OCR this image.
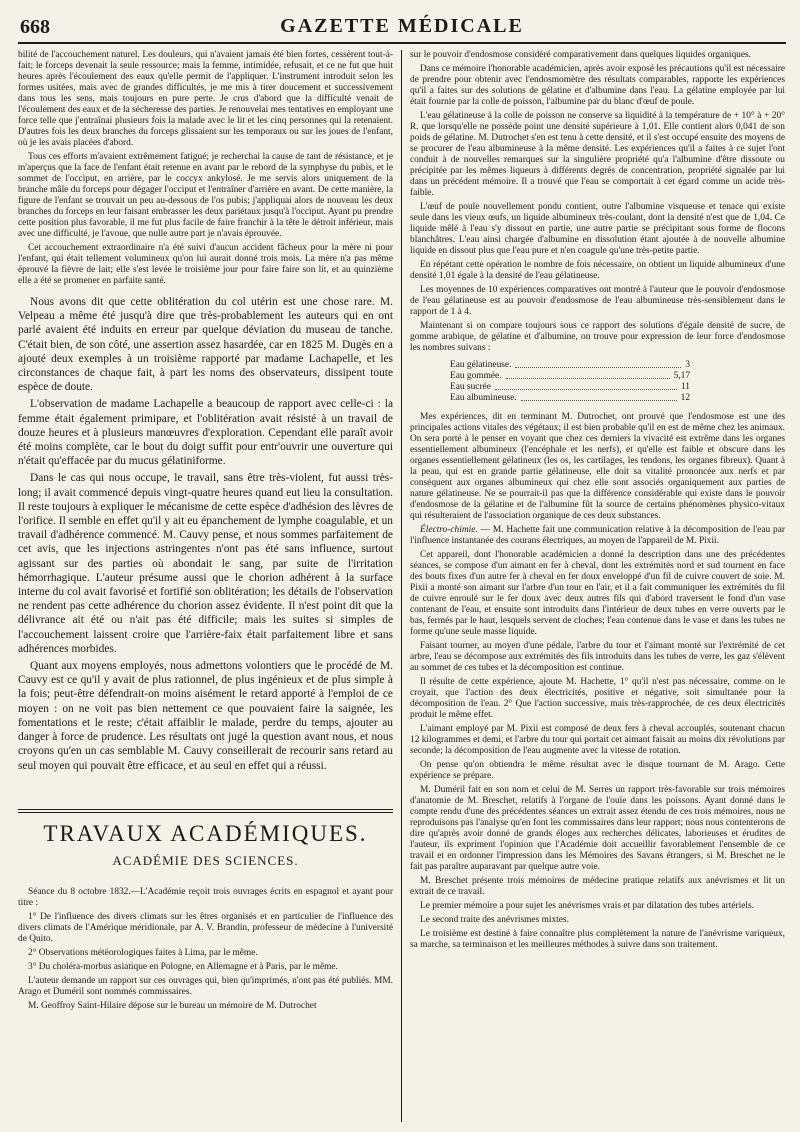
668	GAZETTE MÉDICALE

bilité de l'accouchement naturel. Les douleurs, qui n'avaient jamais été bien fortes, cessèrent tout-à-fait; le forceps devenait la seule ressource; mais la femme, intimidée, refusait, et ce ne fut que huit heures après l'écoulement des eaux qu'elle permit de l'appliquer. L'instrument introduit selon les formes usitées, mais avec de grandes difficultés, je me mis à tirer doucement et successivement dans tous les sens, mais toujours en pure perte. Je crus d'abord que la difficulté venait de l'écoulement des eaux et de la sécheresse des parties. Je renouvelai mes tentatives en employant une force telle que j'entraînai plusieurs fois la malade avec le lit et les cinq personnes qui la retenaient. D'autres fois les deux branches du forceps glissaient sur les temporaux ou sur les joues de l'enfant, où je les avais placées d'abord.

Tous ces efforts m'avaient extrêmement fatigué; je recherchai la cause de tant de résistance, et je m'aperçus que la face de l'enfant était retenue en avant par le rebord de la symphyse du pubis, et le sommet de l'occiput, en arrière, par le coccyx ankylosé. Je me servis alors uniquement de la branche mâle du forceps pour dégager l'occiput et l'entraîner d'arrière en avant. De cette manière, la figure de l'enfant se trouvait un peu au-dessous de l'os pubis; j'appliquai alors de nouveau les deux branches du forceps en leur faisant embrasser les deux pariétaux jusqu'à l'occiput. Ayant pu prendre cette position plus favorable, il me fut plus facile de faire franchir à la tête le détroit inférieur, mais avec une difficulté, je l'avoue, que nulle autre part je n'avais éprouvée.

Cet accouchement extraordinaire n'a été suivi d'aucun accident fâcheux pour la mère ni pour l'enfant, qui était tellement volumineux qu'on lui aurait donné trois mois. La mère n'a pas même éprouvé la fièvre de lait; elle s'est levée le troisième jour pour faire faire son lit, et au quinzième elle a été se promener en parfaite santé.

Nous avons dit que cette oblitération du col utérin est une chose rare. M. Velpeau a même été jusqu'à dire que très-probablement les auteurs qui en ont parlé avaient été induits en erreur par quelque déviation du museau de tanche. C'était bien, de son côté, une assertion assez hasardée, car en 1825 M. Dugès en a ajouté deux exemples à un troisième rapporté par madame Lachapelle, et les circonstances de chaque fait, à part les noms des observateurs, dissipent toute espèce de doute.

L'observation de madame Lachapelle a beaucoup de rapport avec celle-ci : la femme était également primipare, et l'oblitération avait résisté à un travail de douze heures et à plusieurs manœuvres d'exploration. Cependant elle paraît avoir été moins complète, car le bout du doigt suffit pour entr'ouvrir une ouverture qui n'était qu'effacée par du mucus gélatiniforme.

Dans le cas qui nous occupe, le travail, sans être très-violent, fut aussi très-long; il avait commencé depuis vingt-quatre heures quand eut lieu la consultation. Il reste toujours à expliquer le mécanisme de cette espèce d'adhésion des lèvres de l'orifice. Il semble en effet qu'il y ait eu épanchement de lymphe coagulable, et un travail d'adhérence commencé. M. Cauvy pense, et nous sommes parfaitement de cet avis, que les injections astringentes n'ont pas été sans influence, surtout agissant sur des parties où abondait le sang, par suite de l'irritation hémorrhagique. L'auteur présume aussi que le chorion adhérent à la surface interne du col avait favorisé et fortifié son oblitération; les détails de l'observation ne rendent pas cette adhérence du chorion assez évidente. Il n'est point dit que la délivrance ait été ou n'ait pas été difficile; mais les suites si simples de l'accouchement laissent croire que l'arrière-faix était parfaitement libre et sans adhérences morbides.

Quant aux moyens employés, nous admettons volontiers que le procédé de M. Cauvy est ce qu'il y avait de plus rationnel, de plus ingénieux et de plus simple à la fois; peut-être défendrait-on moins aisément le retard apporté à l'emploi de ce moyen : on ne voit pas bien nettement ce que pouvaient faire la saignée, les fomentations et le reste; c'était affaiblir le malade, perdre du temps, ajouter au danger à force de prudence. Les résultats ont jugé la question avant nous, et nous croyons qu'en un cas semblable M. Cauvy conseillerait de recourir sans retard au seul moyen qui pouvait être efficace, et au seul en effet qui a réussi.

TRAVAUX ACADÉMIQUES.
ACADÉMIE DES SCIENCES.

Séance du 8 octobre 1832.—L'Académie reçoit trois ouvrages écrits en espagnol et ayant pour titre :

1° De l'influence des divers climats sur les êtres organisés et en particulier de l'influence des divers climats de l'Amérique méridionale, par A. V. Brandin, professeur de médecine à l'université de Quito.

2° Observations météorologiques faites à Lima, par le même.

3° Du choléra-morbus asiatique en Pologne, en Allemagne et à Paris, par le même.

L'auteur demande un rapport sur ces ouvrages qui, bien qu'imprimés, n'ont pas été publiés. MM. Arago et Duméril sont nommés commissaires.

M. Geoffroy Saint-Hilaire dépose sur le bureau un mémoire de M. Dutrochet

sur le pouvoir d'endosmose considéré comparativement dans quelques liquides organiques.

Dans ce mémoire l'honorable académicien, après avoir exposé les précautions qu'il est nécessaire de prendre pour obtenir avec l'endosmomètre des résultats comparables, rapporte les expériences qu'il a faites sur des solutions de gélatine et d'albumine dans l'eau. La gélatine employée par lui était fournie par la colle de poisson, l'albumine par du blanc d'œuf de poule.

L'eau gélatineuse à la colle de poisson ne conserve sa liquidité à la température de + 10° à + 20° R. que lorsqu'elle ne possède point une densité supérieure à 1,01. Elle contient alors 0,041 de son poids de gélatine. M. Dutrochet s'en est tenu à cette densité, et il s'est occupé ensuite des moyens de se procurer de l'eau albumineuse à la même densité. Les expériences qu'il a faites à ce sujet l'ont conduit à de nouvelles remarques sur la singulière propriété qu'a l'albumine d'être dissoute ou précipitée par les mêmes liqueurs à différents degrés de concentration, propriété signalée par lui dans un précédent mémoire. Il a trouvé que l'eau se comportait à cet égard comme un acide très-faible.

L'œuf de poule nouvellement pondu contient, outre l'albumine visqueuse et tenace qui existe seule dans les vieux œufs, un liquide albumineux très-coulant, dont la densité n'est que de 1,04. Ce liquide mêlé à l'eau s'y dissout en partie, une autre partie se précipitant sous forme de flocons blanchâtres. L'eau ainsi chargée d'albumine en dissolution étant ajoutée à de nouvelle albumine liquide en dissout plus que l'eau pure et n'en coagule qu'une très-petite partie.

En répétant cette opération le nombre de fois nécessaire, on obtient un liquide albumineux d'une densité 1,01 égale à la densité de l'eau gélatineuse.

Les moyennes de 10 expériences comparatives ont montré à l'auteur que le pouvoir d'endosmose de l'eau gélatineuse est au pouvoir d'endosmose de l'eau albumineuse très-sensiblement dans le rapport de 1 à 4.

Maintenant si on compare toujours sous ce rapport des solutions d'égale densité de sucre, de gomme arabique, de gélatine et d'albumine, on trouve pour expression de leur force d'endosmose les nombres suivans :

Eau gélatineuse.	3
Eau gommée.	5,17
Eau sucrée	11
Eau albumineuse.	12

Mes expériences, dit en terminant M. Dutrochet, ont prouvé que l'endosmose est une des principales actions vitales des végétaux; il est bien probable qu'il en est de même chez les animaux. On sera porté à le penser en voyant que chez ces derniers la vivacité est extrême dans les organes essentiellement albumineux (l'encéphale et les nerfs), et qu'elle est faible et obscure dans les organes essentiellement gélatineux (les os, les cartilages, les tendons, les organes fibreux). Quant à la peau, qui est en grande partie gélatineuse, elle doit sa vitalité prononcée aux nerfs et par conséquent aux organes albumineux qui chez elle sont associés organiquement aux parties de nature gélatineuse. Ne se pourrait-il pas que la différence considérable qui existe dans le pouvoir d'endosmose de la gélatine et de l'albumine fût la source de certains phénomènes physico-vitaux qui résulteraient de l'association organique de ces deux substances.

Électro-chimie. — M. Hachette fait une communication relative à la décomposition de l'eau par l'influence instantanée des courans électriques, au moyen de l'appareil de M. Pixii.

Cet appareil, dont l'honorable académicien a donné la description dans une des précédentes séances, se compose d'un aimant en fer à cheval, dont les extrémités nord et sud tournent en face des bouts fixes d'un autre fer à cheval en fer doux enveloppé d'un fil de cuivre couvert de soie. M. Pixii a monté son aimant sur l'arbre d'un tour en l'air, et il a fait communiquer les extrémités du fil de cuivre enroulé sur le fer doux avec deux autres fils qui d'abord traversent le fond d'un vase contenant de l'eau, et ensuite sont introduits dans l'intérieur de deux tubes en verre ouverts par le bas, fermés par le haut, lesquels servent de cloches; l'eau contenue dans le vase et dans les tubes ne forme qu'une seule masse liquide.

Faisant tourner, au moyen d'une pédale, l'arbre du tour et l'aimant monté sur l'extrémité de cet arbre, l'eau se décompose aux extrémités des fils introduits dans les tubes de verre, les gaz s'élèvent au sommet de ces tubes et la décomposition est continue.

Il résulte de cette expérience, ajoute M. Hachette, 1° qu'il n'est pas nécessaire, comme on le croyait, que l'action des deux électricités, positive et négative, soit simultanée pour la décomposition de l'eau. 2° Que l'action successive, mais très-rapprochée, de ces deux électricités produit le même effet.

L'aimant employé par M. Pixii est composé de deux fers à cheval accouplés, soutenant chacun 12 kilogrammes et demi, et l'arbre du tour qui portait cet aimant faisait au moins dix révolutions par seconde; la décomposition de l'eau augmente avec la vitesse de rotation.

On pense qu'on obtiendra le même résultat avec le disque tournant de M. Arago. Cette expérience se prépare.

M. Duméril fait en son nom et celui de M. Serres un rapport très-favorable sur trois mémoires d'anatomie de M. Breschet, relatifs à l'organe de l'ouïe dans les poissons. Ayant donné dans le compte rendu d'une des précédentes séances un extrait assez étendu de ces trois mémoires, nous ne reproduisons pas l'analyse qu'en font les commissaires dans leur rapport; nous nous contenterons de dire qu'après avoir donné de grands éloges aux recherches délicates, laborieuses et érudites de l'auteur, ils expriment l'opinion que l'Académie doit accueillir favorablement l'ensemble de ce travail et en ordonner l'impression dans les Mémoires des Savans étrangers, si M. Breschet ne le fait pas paraître auparavant par quelque autre voie.

M. Breschet présente trois mémoires de médecine pratique relatifs aux anévrismes et lit un extrait de ce travail.

Le premier mémoire a pour sujet les anévrismes vrais et par dilatation des tubes artériels.

Le second traite des anévrismes mixtes.

Le troisième est destiné à faire connaître plus complètement la nature de l'anévrisme variqueux, sa marche, sa terminaison et les meilleures méthodes à suivre dans son traitement.
